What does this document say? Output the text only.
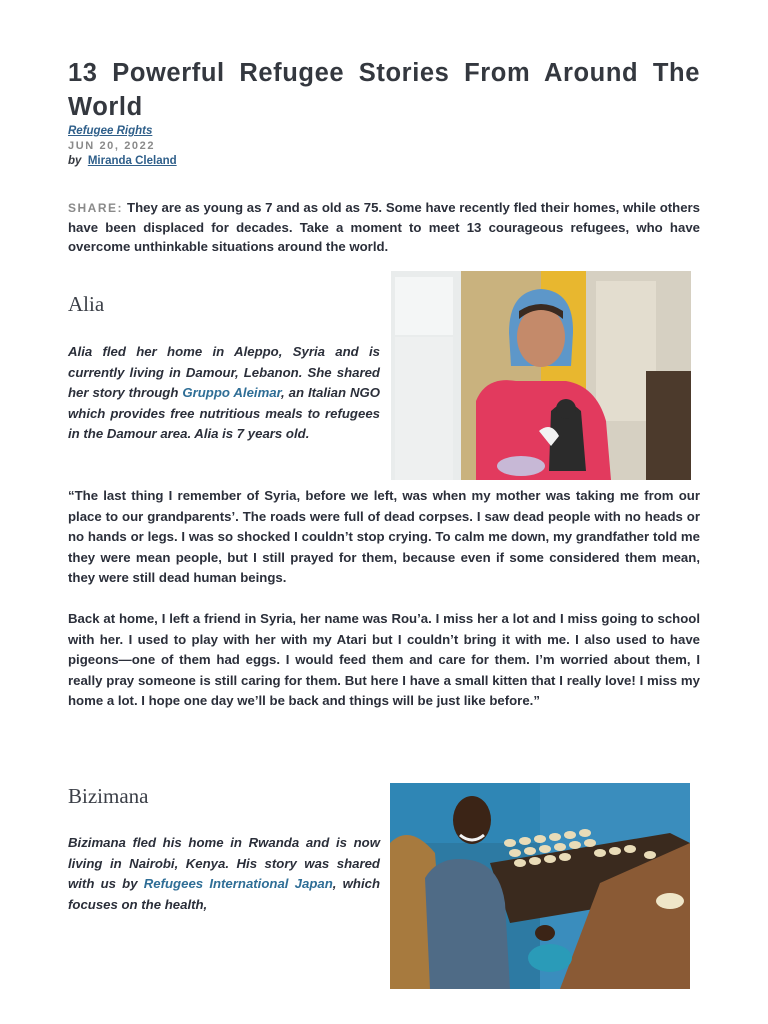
13 Powerful Refugee Stories From Around The World
Refugee Rights
JUN 20, 2022
by Miranda Cleland

SHARE: They are as young as 7 and as old as 75. Some have recently fled their homes, while others have been displaced for decades. Take a moment to meet 13 courageous refugees, who have overcome unthinkable situations around the world.

Alia

Alia fled her home in Aleppo, Syria and is currently living in Damour, Lebanon. She shared her story through Gruppo Aleimar, an Italian NGO which provides free nutritious meals to refugees in the Damour area. Alia is 7 years old.

“The last thing I remember of Syria, before we left, was when my mother was taking me from our place to our grandparents’. The roads were full of dead corpses. I saw dead people with no heads or no hands or legs. I was so shocked I couldn’t stop crying. To calm me down, my grandfather told me they were mean people, but I still prayed for them, because even if some considered them mean, they were still dead human beings.

Back at home, I left a friend in Syria, her name was Rou’a. I miss her a lot and I miss going to school with her. I used to play with her with my Atari but I couldn’t bring it with me. I also used to have pigeons—one of them had eggs. I would feed them and care for them. I’m worried about them, I really pray someone is still caring for them. But here I have a small kitten that I really love! I miss my home a lot. I hope one day we’ll be back and things will be just like before.”

Bizimana

Bizimana fled his home in Rwanda and is now living in Nairobi, Kenya. His story was shared with us by Refugees International Japan, which focuses on the health,
